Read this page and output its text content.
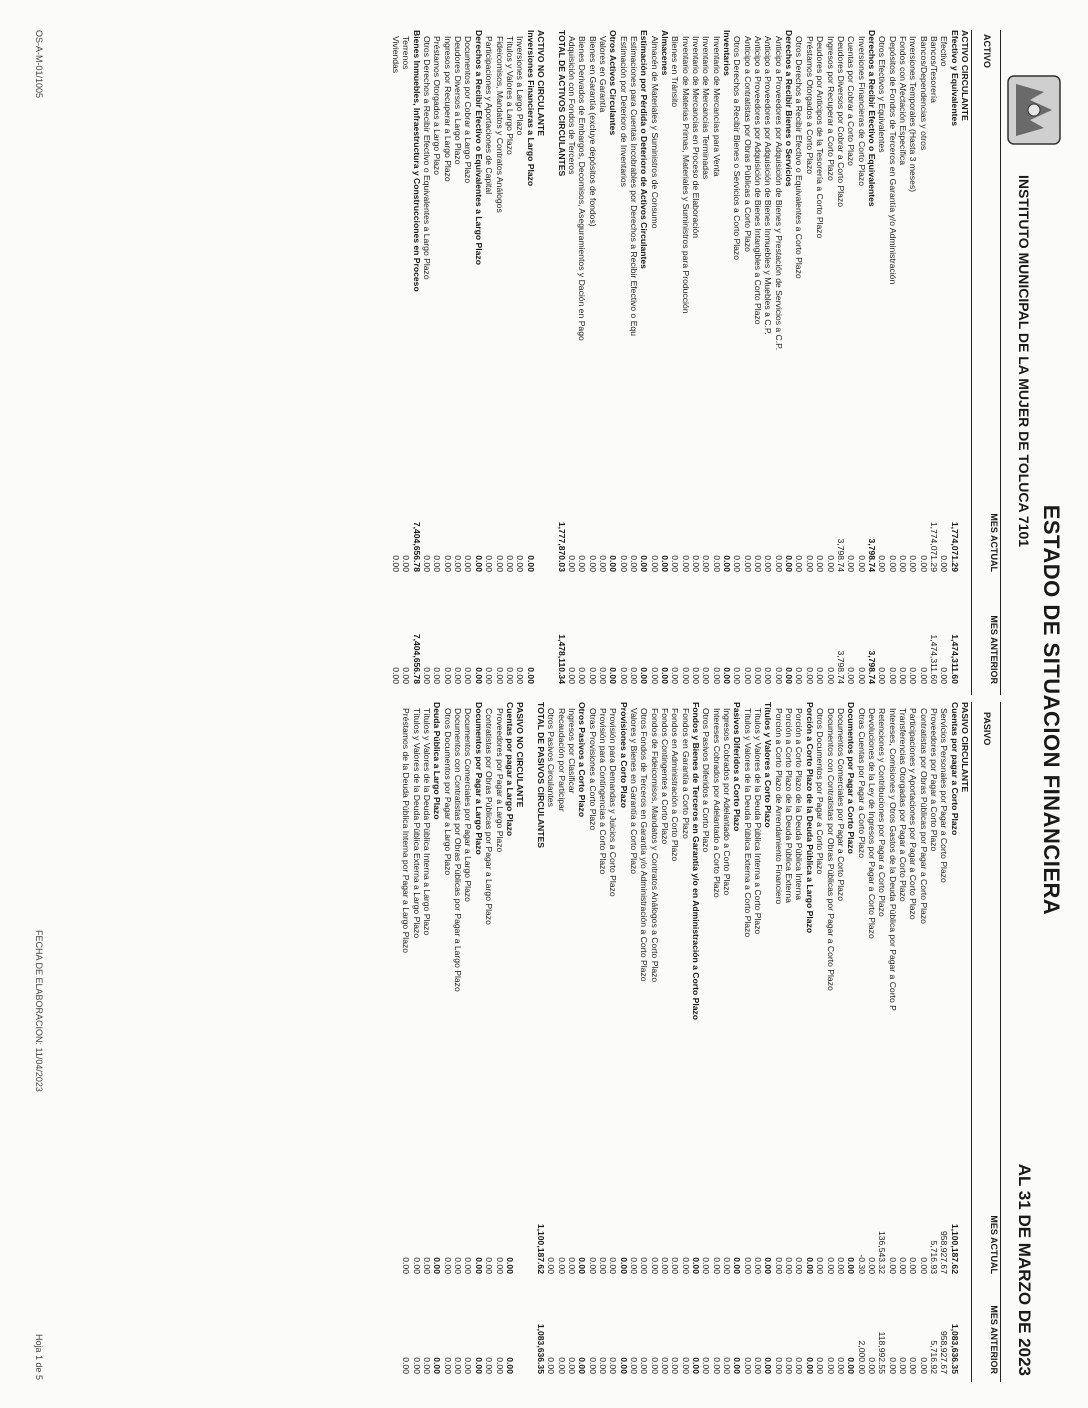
ESTADO DE SITUACION FINANCIERA
INSTITUTO MUNICIPAL DE LA MUJER DE TOLUCA 7101
AL 31 DE MARZO DE 2023
ACTIVO
MES ACTUAL
MES ANTERIOR
PASIVO
MES ACTUAL
MES ANTERIOR
ACTIVO CIRCULANTE
Efectivo y Equivalentes
1,774,071.29
1,474,311.60
Efectivo
0.00
0.00
Bancos/Tesorería
1,774,071.29
1,474,311.60
Bancos/Dependencias y otros
0.00
0.00
Inversiones Temporales (Hasta 3 meses)
0.00
0.00
Fondos con Afectación Específica
0.00
0.00
Depósitos de Fondos de Terceros en Garantía y/o Administración
0.00
0.00
Otros Efectivos y Equivalentes
0.00
0.00
Derechos a Recibir Efectivo o Equivalentes
3,798.74
3,798.74
Inversiones Financieras de Corto Plazo
0.00
0.00
Cuentas por Cobrar a Corto Plazo
0.00
0.00
Deudores Diversos por Cobrar a Corto Plazo
3,798.74
3,798.74
Ingresos por Recuperar a Corto Plazo
0.00
0.00
Deudores por Anticipos de la Tesorería a Corto Plazo
0.00
0.00
Préstamos Otorgados a Corto Plazo
0.00
0.00
Otros Derechos a Recibir Efectivo o Equivalentes a Corto Plazo
0.00
0.00
Derechos a Recibir Bienes o Servicios
0.00
0.00
Anticipo a Proveedores por Adquisición de Bienes y Prestación de Servicios a C.P.
0.00
0.00
Anticipo a Proveedores por Adquisición de Bienes Inmuebles y Muebles a C.P.
0.00
0.00
Anticipo a Proveedores por Adquisición de Bienes Intangibles a Corto Plazo
0.00
0.00
Anticipo a Contratistas por Obras Públicas a Corto Plazo
0.00
0.00
Otros Derechos a Recibir Bienes o Servicios a Corto Plazo
0.00
0.00
Inventarios
0.00
0.00
Inventario de Mercancías para Venta
0.00
0.00
Inventario de Mercancías Terminadas
0.00
0.00
Inventario de Mercancías en Proceso de Elaboración
0.00
0.00
Inventario de Materias Primas, Materiales y Suministros para Producción
0.00
0.00
Bienes en Tránsito
0.00
0.00
Almacenes
0.00
0.00
Almacén de Materiales y Suministros de Consumo
0.00
0.00
Estimación por Pérdida o Deterioro de Activos Circulantes
0.00
0.00
Estimaciones para Cuentas Incobrables por Derechos a Recibir Efectivo o Equ
0.00
0.00
Estimación por Deterioro de Inventarios
0.00
0.00
Otros Activos Circulantes
0.00
0.00
Valores en Garantía
0.00
0.00
Bienes en Garantía (excluye depósitos de fondos)
0.00
0.00
Bienes Derivados de Embargos, Decomisos, Aseguramientos y Dación en Pago
0.00
0.00
Adquisición con Fondos de Terceros
0.00
0.00
TOTAL DE ACTIVOS CIRCULANTES
1,777,870.03
1,478,110.34
ACTIVO NO CIRCULANTE
Inversiones Financieras a Largo Plazo
0.00
0.00
Inversiones a Largo Plazo
0.00
0.00
Títulos y Valores a Largo Plazo
0.00
0.00
Fideicomisos, Mandatos y Contratos Análogos
0.00
0.00
Participaciones y Aportaciones de Capital
0.00
0.00
Derechos a Recibir Efectivo o Equivalentes a Largo Plazo
0.00
0.00
Documentos por Cobrar a Largo Plazo
0.00
0.00
Deudores Diversos a Largo Plazo
0.00
0.00
Ingresos por Recuperar a Largo Plazo
0.00
0.00
Préstamos Otorgados a Largo Plazo
0.00
0.00
Otros Derechos a Recibir Efectivo o Equivalentes a Largo Plazo
0.00
0.00
Bienes Inmuebles, Infraestructura y Construcciones en Proceso
7,404,656.78
7,404,656.78
Terrenos
0.00
0.00
Viviendas
0.00
0.00
PASIVO CIRCULANTE
Cuentas por pagar a Corto Plazo
1,100,187.62
1,083,636.35
Servicios Personales por Pagar a Corto Plazo
958,927.67
958,927.67
Proveedores por Pagar a Corto Plazo
5,716.93
5,716.92
Contratistas por Obras Públicas por Pagar a Corto Plazo
0.00
0.00
Participaciones y Aportaciones por Pagar a Corto Plazo
0.00
0.00
Transferencias Otorgadas por Pagar a Corto Plazo
0.00
0.00
Intereses, Comisiones y Otros Gastos de la Deuda Pública por Pagar a Corto P
0.00
0.00
Retenciones y Contribuciones por Pagar a Corto Plazo
136,543.32
118,992.55
Devoluciones de la Ley de Ingresos por Pagar a Corto Plazo
0.00
0.00
Otras Cuentas por Pagar a Corto Plazo
-0.30
2,000.00
Documentos por Pagar a Corto Plazo
0.00
0.00
Documentos Comerciales por Pagar a Corto Plazo
0.00
0.00
Documentos con Contratistas por Obras Públicas por Pagar a Corto Plazo
0.00
0.00
Otros Documentos por Pagar a Corto Plazo
0.00
0.00
Porción a Corto Plazo de la Deuda Pública a Largo Plazo
0.00
0.00
Porción a Corto Plazo de la Deuda Pública Interna
0.00
0.00
Porción a Corto Plazo de la Deuda Pública Externa
0.00
0.00
Porción a Corto Plazo de Arrendamiento Financiero
0.00
0.00
Títulos y Valores a Corto Plazo
0.00
0.00
Títulos y Valores de la Deuda Pública Interna a Corto Plazo
0.00
0.00
Títulos y Valores de la Deuda Pública Externa a Corto Plazo
0.00
0.00
Pasivos Diferidos a Corto Plazo
0.00
0.00
Ingresos Cobrados por Adelantado a Corto Plazo
0.00
0.00
Intereses Cobrados por Adelantado a Corto Plazo
0.00
0.00
Otros Pasivos Diferidos a Corto Plazo
0.00
0.00
Fondos y Bienes de Terceros en Garantía y/o en Administración a Corto Plazo
0.00
0.00
Fondos en Garantía a Corto Plazo
0.00
0.00
Fondos en Administración a Corto Plazo
0.00
0.00
Fondos Contingentes a Corto Plazo
0.00
0.00
Fondos de Fideicomisos, Mandatos y Contratos Análogos a Corto Plazo
0.00
0.00
Otros Fondos de Terceros en Garantía y/o Administración a Corto Plazo
0.00
0.00
Valores y Bienes en Garantía a Corto Plazo
0.00
0.00
Provisiones a Corto Plazo
0.00
0.00
Provisión para Demandas y Juicios a Corto Plazo
0.00
0.00
Provisión para Contingencias a Corto Plazo
0.00
0.00
Otras Provisiones a Corto Plazo
0.00
0.00
Otros Pasivos a Corto Plazo
0.00
0.00
Ingresos por Clasificar
0.00
0.00
Recaudación por Participar
0.00
0.00
Otros Pasivos Circulantes
0.00
0.00
TOTAL DE PASIVOS CIRCULANTES
1,100,187.62
1,083,636.35
PASIVO NO CIRCULANTE
Cuentas por pagar a Largo Plazo
0.00
0.00
Proveedores por Pagar a Largo Plazo
0.00
0.00
Contratistas por Obras Públicas por Pagar a Largo Plazo
0.00
0.00
Documentos por Pagar a Largo Plazo
0.00
0.00
Documentos Comerciales por Pagar a Largo Plazo
0.00
0.00
Documentos con Contratistas por Obras Públicas por Pagar a Largo Plazo
0.00
0.00
Otros Documentos por Pagar a Largo Plazo
0.00
0.00
Deuda Pública a Largo Plazo
0.00
0.00
Títulos y Valores de la Deuda Pública Interna a Largo Plazo
0.00
0.00
Títulos y Valores de la Deuda Pública Externa a Largo Plazo
0.00
0.00
Préstamos de la Deuda Pública Interna por Pagar a Largo Plazo
0.00
0.00
OS-A-M-01/1005
FECHA DE ELABORACION: 11/04/2023
Hoja 1 de 5
